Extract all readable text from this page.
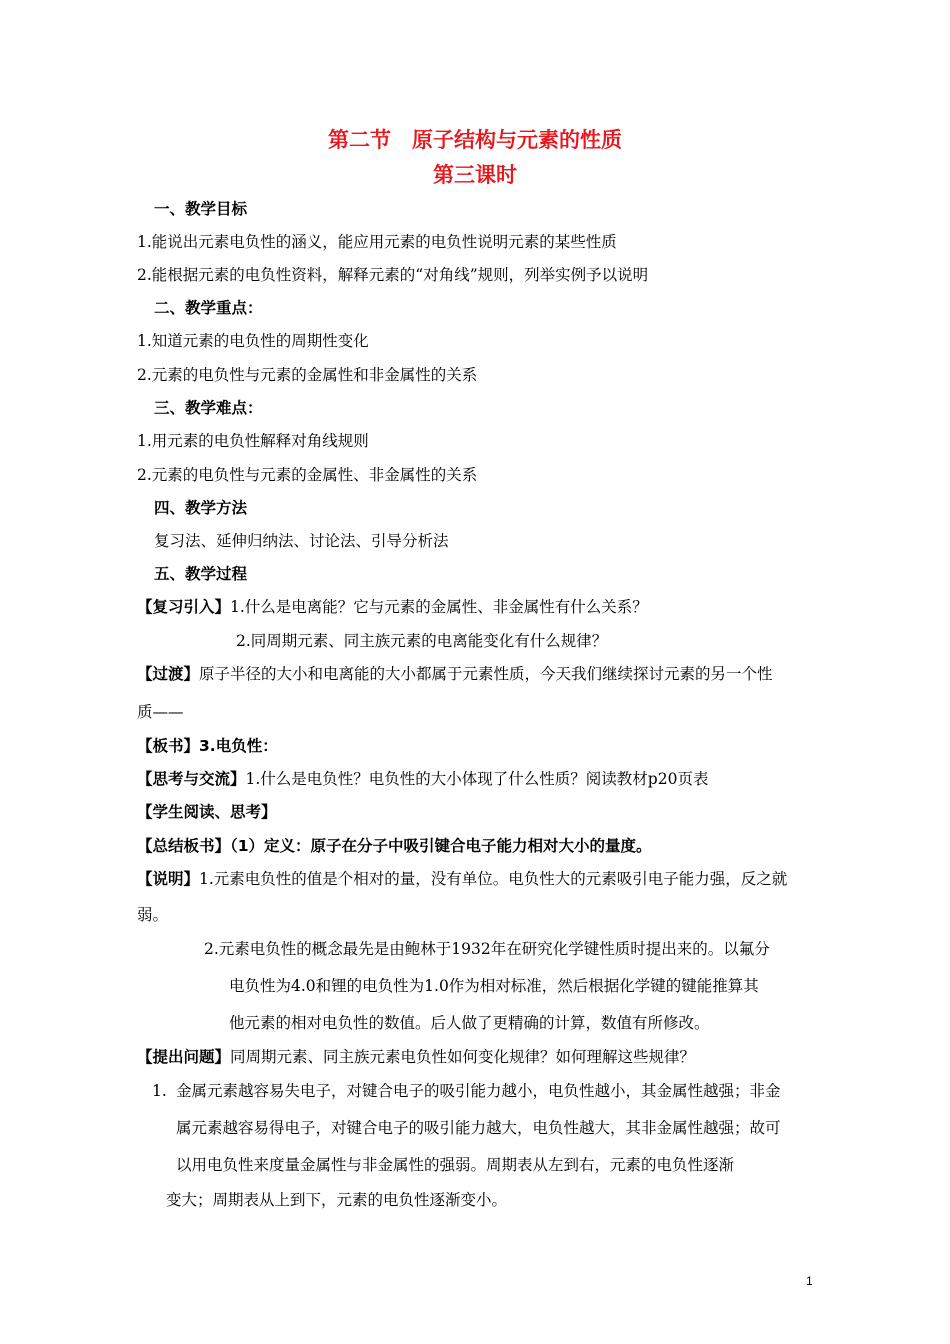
第二节　原子结构与元素的性质
第三课时
一、教学目标
1.能说出元素电负性的涵义，能应用元素的电负性说明元素的某些性质
2.能根据元素的电负性资料，解释元素的“对角线”规则，列举实例予以说明
二、教学重点：
1.知道元素的电负性的周期性变化
2.元素的电负性与元素的金属性和非金属性的关系
三、教学难点：
1.用元素的电负性解释对角线规则
2.元素的电负性与元素的金属性、非金属性的关系
四、教学方法
复习法、延伸归纳法、讨论法、引导分析法
五、教学过程
【复习引入】1.什么是电离能？它与元素的金属性、非金属性有什么关系？
2.同周期元素、同主族元素的电离能变化有什么规律？
【过渡】原子半径的大小和电离能的大小都属于元素性质，今天我们继续探讨元素的另一个性
质——
【板书】3.电负性：
【思考与交流】1.什么是电负性？电负性的大小体现了什么性质？阅读教材p20页表
【学生阅读、思考】
【总结板书】（1）定义：原子在分子中吸引键合电子能力相对大小的量度。
【说明】1.元素电负性的值是个相对的量，没有单位。电负性大的元素吸引电子能力强，反之就
弱。
2.元素电负性的概念最先是由鲍林于1932年在研究化学键性质时提出来的。以氟分
电负性为4.0和锂的电负性为1.0作为相对标准，然后根据化学键的键能推算其
他元素的相对电负性的数值。后人做了更精确的计算，数值有所修改。
【提出问题】同周期元素、同主族元素电负性如何变化规律？如何理解这些规律？
1. 金属元素越容易失电子，对键合电子的吸引能力越小，电负性越小，其金属性越强；非金
属元素越容易得电子，对键合电子的吸引能力越大，电负性越大，其非金属性越强；故可
以用电负性来度量金属性与非金属性的强弱。周期表从左到右，元素的电负性逐渐
变大；周期表从上到下，元素的电负性逐渐变小。
1
